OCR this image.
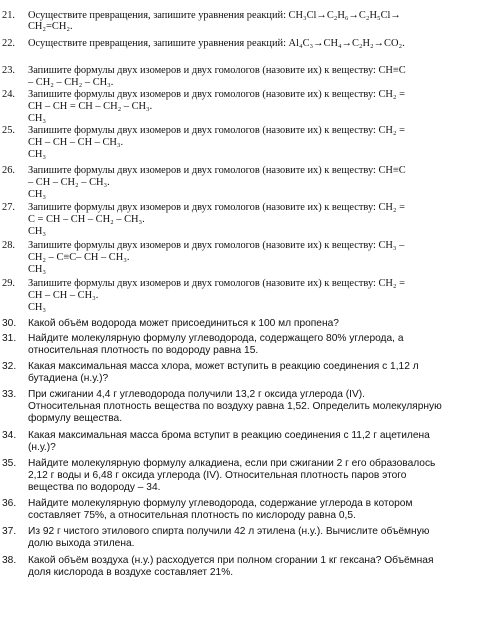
21. Осуществите превращения, запишите уравнения реакций: CH₃Cl→C₂H₆→C₂H₅Cl→
CH₂=CH₂.
22. Осуществите превращения, запишите уравнения реакций: Al₄C₃→CH₄→C₂H₂→CO₂.
23. Запишите формулы двух изомеров и двух гомологов (назовите их) к веществу: CH≡C
– CH₂ – CH₂ – CH₃.
24. Запишите формулы двух изомеров и двух гомологов (назовите их) к веществу: CH₂ =
CH – CH = CH – CH₂ – CH₃.
CH₃
25. Запишите формулы двух изомеров и двух гомологов (назовите их) к веществу: CH₂ =
CH – CH – CH – CH₃.
CH₃
26. Запишите формулы двух изомеров и двух гомологов (назовите их) к веществу: CH≡C
– CH – CH₂ – CH₃.
CH₃
27. Запишите формулы двух изомеров и двух гомологов (назовите их) к веществу: CH₂ =
C = CH – CH – CH₂ – CH₃.
CH₃
28. Запишите формулы двух изомеров и двух гомологов (назовите их) к веществу: CH₃ –
CH₂ – C≡C– CH – CH₃.
CH₃
29. Запишите формулы двух изомеров и двух гомологов (назовите их) к веществу: CH₂ =
CH – CH – CH₃.
CH₃
30. Какой объём водорода может присоединиться к 100 мл пропена?
31. Найдите молекулярную формулу углеводорода, содержащего 80% углерода, а
относительная плотность по водороду равна 15.
32. Какая максимальная масса хлора, может вступить в реакцию соединения с 1,12 л
бутадиена (н.у.)?
33. При сжигании 4,4 г углеводорода получили 13,2 г оксида углерода (IV).
Относительная плотность вещества по воздуху равна 1,52. Определить молекулярную
формулу вещества.
34. Какая максимальная масса брома вступит в реакцию соединения с 11,2 г ацетилена
(н.у.)?
35. Найдите молекулярную формулу алкадиена, если при сжигании 2 г его образовалось
2,12 г воды и 6,48 г оксида углерода (IV). Относительная плотность паров этого
вещества по водороду – 34.
36. Найдите молекулярную формулу углеводорода, содержание углерода в котором
составляет 75%, а относительная плотность по кислороду равна 0,5.
37. Из 92 г чистого этилового спирта получили 42 л этилена (н.у.). Вычислите объёмную
долю выхода этилена.
38. Какой объём воздуха (н.у.) расходуется при полном сгорании 1 кг гексана? Объёмная
доля кислорода в воздухе составляет 21%.
